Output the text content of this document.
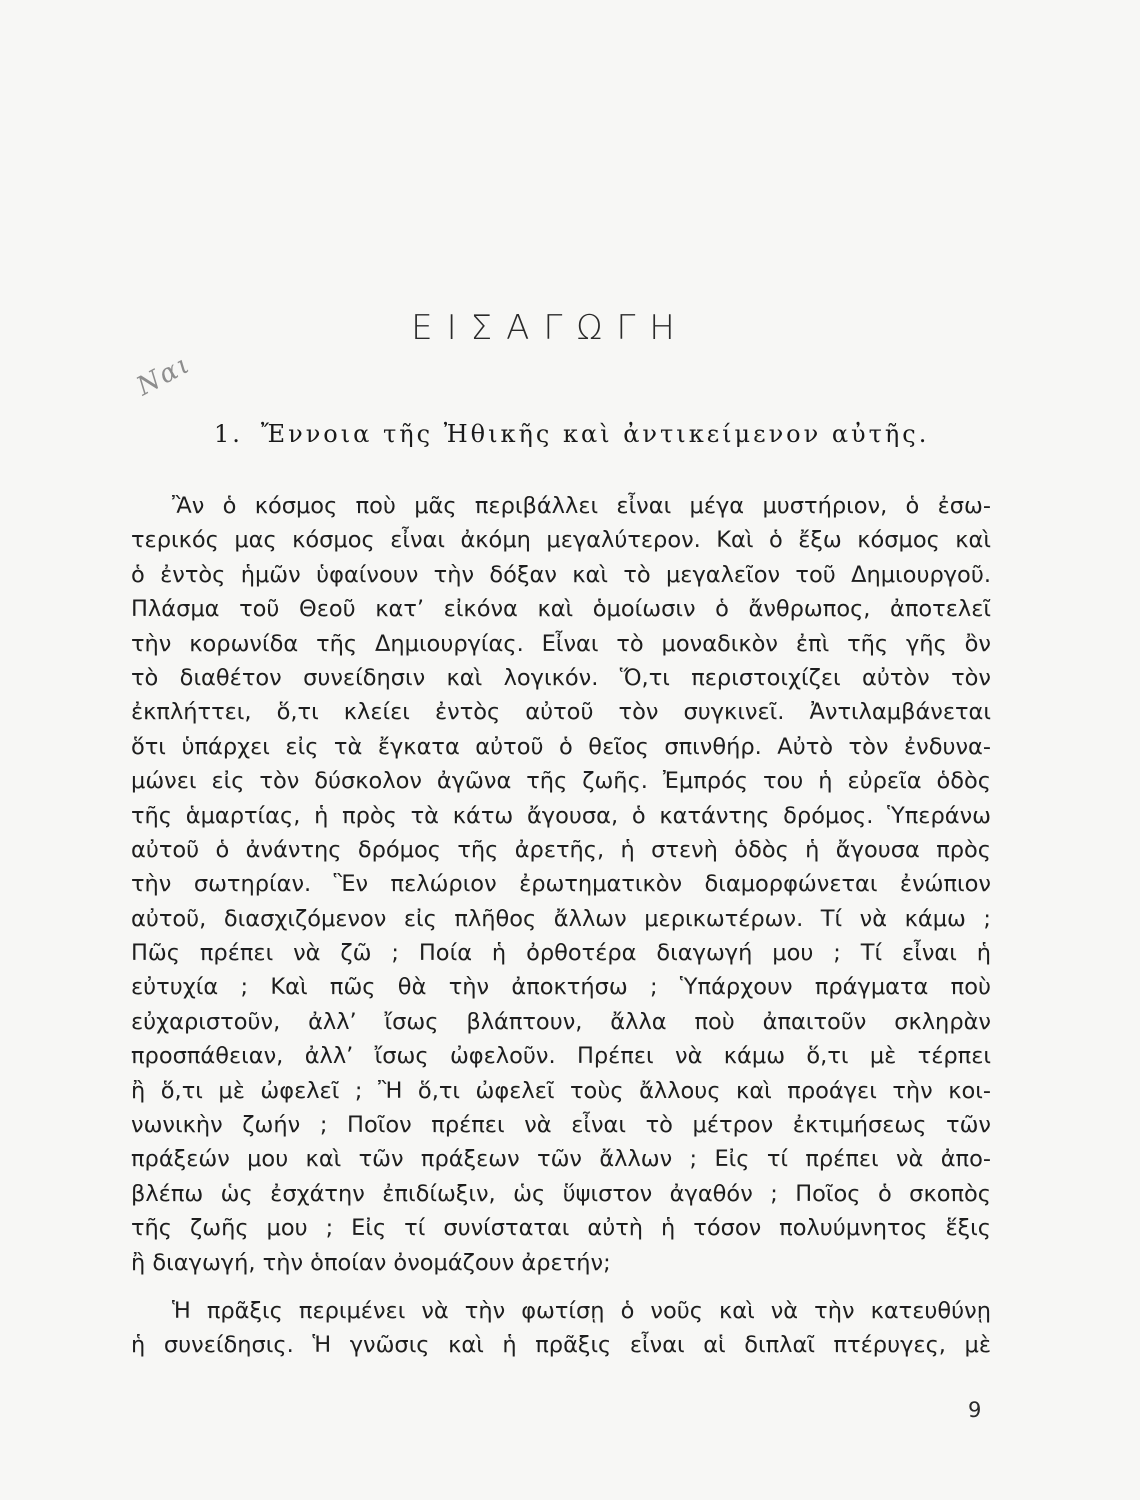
ΕΙΣΑΓΩΓΗ
Ναι
1. Ἔννοια τῆς Ἠθικῆς καὶ ἀντικείμενον αὐτῆς.
Ἂν ὁ κόσμος ποὺ μᾶς περιβάλλει εἶναι μέγα μυστήριον, ὁ ἐσω-
τερικός μας κόσμος εἶναι ἀκόμη μεγαλύτερον. Καὶ ὁ ἔξω κόσμος καὶ
ὁ ἐντὸς ἡμῶν ὑφαίνουν τὴν δόξαν καὶ τὸ μεγαλεῖον τοῦ Δημιουργοῦ.
Πλάσμα τοῦ Θεοῦ κατ’ εἰκόνα καὶ ὁμοίωσιν ὁ ἄνθρωπος, ἀποτελεῖ
τὴν κορωνίδα τῆς Δημιουργίας. Εἶναι τὸ μοναδικὸν ἐπὶ τῆς γῆς ὂν
τὸ διαθέτον συνείδησιν καὶ λογικόν. Ὅ,τι περιστοιχίζει αὐτὸν τὸν
ἐκπλήττει, ὅ,τι κλείει ἐντὸς αὐτοῦ τὸν συγκινεῖ. Ἀντιλαμβάνεται
ὅτι ὑπάρχει εἰς τὰ ἔγκατα αὐτοῦ ὁ θεῖος σπινθήρ. Αὐτὸ τὸν ἐνδυνα-
μώνει εἰς τὸν δύσκολον ἀγῶνα τῆς ζωῆς. Ἐμπρός του ἡ εὐρεῖα ὁδὸς
τῆς ἁμαρτίας, ἡ πρὸς τὰ κάτω ἄγουσα, ὁ κατάντης δρόμος. Ὑπεράνω
αὐτοῦ ὁ ἀνάντης δρόμος τῆς ἀρετῆς, ἡ στενὴ ὁδὸς ἡ ἄγουσα πρὸς
τὴν σωτηρίαν. Ἓν πελώριον ἐρωτηματικὸν διαμορφώνεται ἐνώπιον
αὐτοῦ, διασχιζόμενον εἰς πλῆθος ἄλλων μερικωτέρων. Τί νὰ κάμω ;
Πῶς πρέπει νὰ ζῶ ; Ποία ἡ ὀρθοτέρα διαγωγή μου ; Τί εἶναι ἡ
εὐτυχία ; Καὶ πῶς θὰ τὴν ἀποκτήσω ; Ὑπάρχουν πράγματα ποὺ
εὐχαριστοῦν, ἀλλ’ ἴσως βλάπτουν, ἄλλα ποὺ ἀπαιτοῦν σκληρὰν
προσπάθειαν, ἀλλ’ ἴσως ὠφελοῦν. Πρέπει νὰ κάμω ὅ,τι μὲ τέρπει
ἢ ὅ,τι μὲ ὠφελεῖ ; Ἢ ὅ,τι ὠφελεῖ τοὺς ἄλλους καὶ προάγει τὴν κοι-
νωνικὴν ζωήν ; Ποῖον πρέπει νὰ εἶναι τὸ μέτρον ἐκτιμήσεως τῶν
πράξεών μου καὶ τῶν πράξεων τῶν ἄλλων ; Εἰς τί πρέπει νὰ ἀπο-
βλέπω ὡς ἐσχάτην ἐπιδίωξιν, ὡς ὕψιστον ἀγαθόν ; Ποῖος ὁ σκοπὸς
τῆς ζωῆς μου ; Εἰς τί συνίσταται αὐτὴ ἡ τόσον πολυύμνητος ἕξις
ἢ διαγωγή, τὴν ὁποίαν ὀνομάζουν ἀρετήν;
Ἡ πρᾶξις περιμένει νὰ τὴν φωτίσῃ ὁ νοῦς καὶ νὰ τὴν κατευθύνῃ
ἡ συνείδησις. Ἡ γνῶσις καὶ ἡ πρᾶξις εἶναι αἱ διπλαῖ πτέρυγες, μὲ
9
